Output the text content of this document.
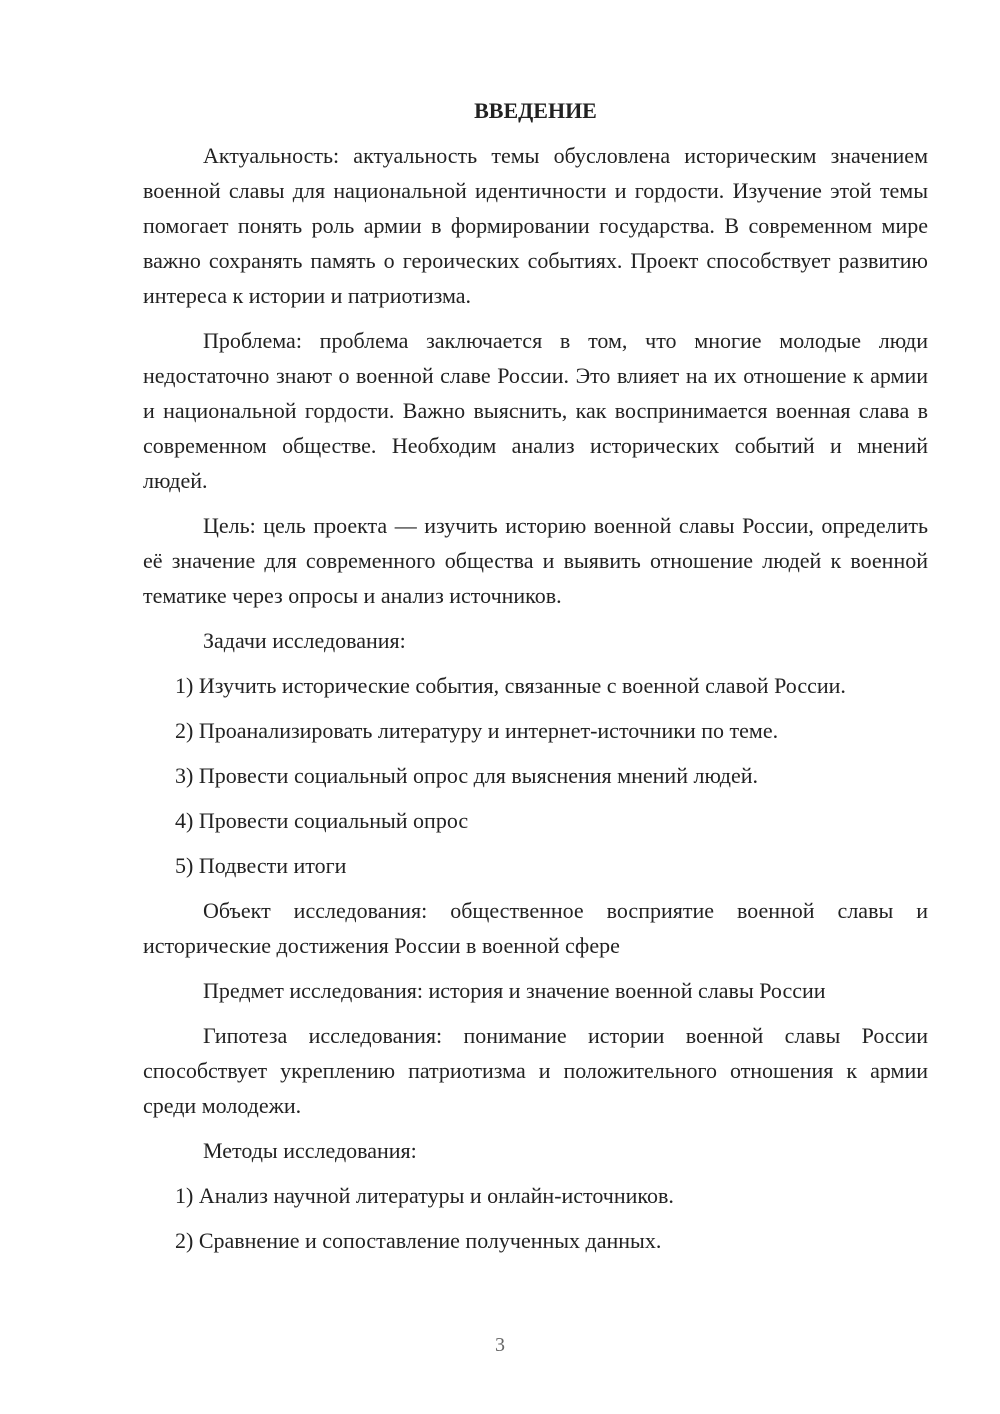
ВВЕДЕНИЕ

Актуальность: актуальность темы обусловлена историческим значением военной славы для национальной идентичности и гордости. Изучение этой темы помогает понять роль армии в формировании государства. В современном мире важно сохранять память о героических событиях. Проект способствует развитию интереса к истории и патриотизма.

Проблема: проблема заключается в том, что многие молодые люди недостаточно знают о военной славе России. Это влияет на их отношение к армии и национальной гордости. Важно выяснить, как воспринимается военная слава в современном обществе. Необходим анализ исторических событий и мнений людей.

Цель: цель проекта — изучить историю военной славы России, определить её значение для современного общества и выявить отношение людей к военной тематике через опросы и анализ источников.

Задачи исследования:

1) Изучить исторические события, связанные с военной славой России.
2) Проанализировать литературу и интернет-источники по теме.
3) Провести социальный опрос для выяснения мнений людей.
4) Провести социальный опрос
5) Подвести итоги

Объект исследования: общественное восприятие военной славы и исторические достижения России в военной сфере

Предмет исследования: история и значение военной славы России

Гипотеза исследования: понимание истории военной славы России способствует укреплению патриотизма и положительного отношения к армии среди молодежи.

Методы исследования:

1) Анализ научной литературы и онлайн-источников.
2) Сравнение и сопоставление полученных данных.
3
